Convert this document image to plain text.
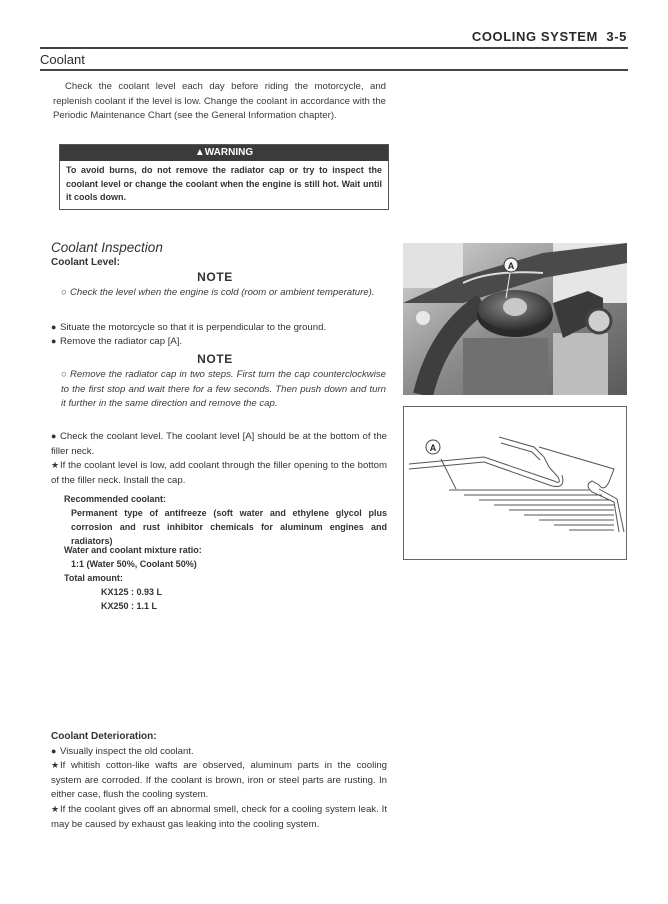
COOLING SYSTEM 3-5
Coolant
Check the coolant level each day before riding the motorcycle, and replenish coolant if the level is low. Change the coolant in accordance with the Periodic Maintenance Chart (see the General Information chapter).
▲WARNING
To avoid burns, do not remove the radiator cap or try to inspect the coolant level or change the coolant when the engine is still hot. Wait until it cools down.
Coolant Inspection
Coolant Level:
NOTE
○ Check the level when the engine is cold (room or ambient temperature).
● Situate the motorcycle so that it is perpendicular to the ground.
● Remove the radiator cap [A].
NOTE
○ Remove the radiator cap in two steps. First turn the cap counterclockwise to the first stop and wait there for a few seconds. Then push down and turn it further in the same direction and remove the cap.
● Check the coolant level. The coolant level [A] should be at the bottom of the filler neck.
★If the coolant level is low, add coolant through the filler opening to the bottom of the filler neck. Install the cap.
Recommended coolant:
Permanent type of antifreeze (soft water and ethylene glycol plus corrosion and rust inhibitor chemicals for aluminum engines and radiators)
Water and coolant mixture ratio:
1:1 (Water 50%, Coolant 50%)
Total amount:
KX125 : 0.93 L
KX250 : 1.1 L
Coolant Deterioration:
● Visually inspect the old coolant.
★If whitish cotton-like wafts are observed, aluminum parts in the cooling system are corroded. If the coolant is brown, iron or steel parts are rusting. In either case, flush the cooling system.
★If the coolant gives off an abnormal smell, check for a cooling system leak. It may be caused by exhaust gas leaking into the cooling system.
A
A
